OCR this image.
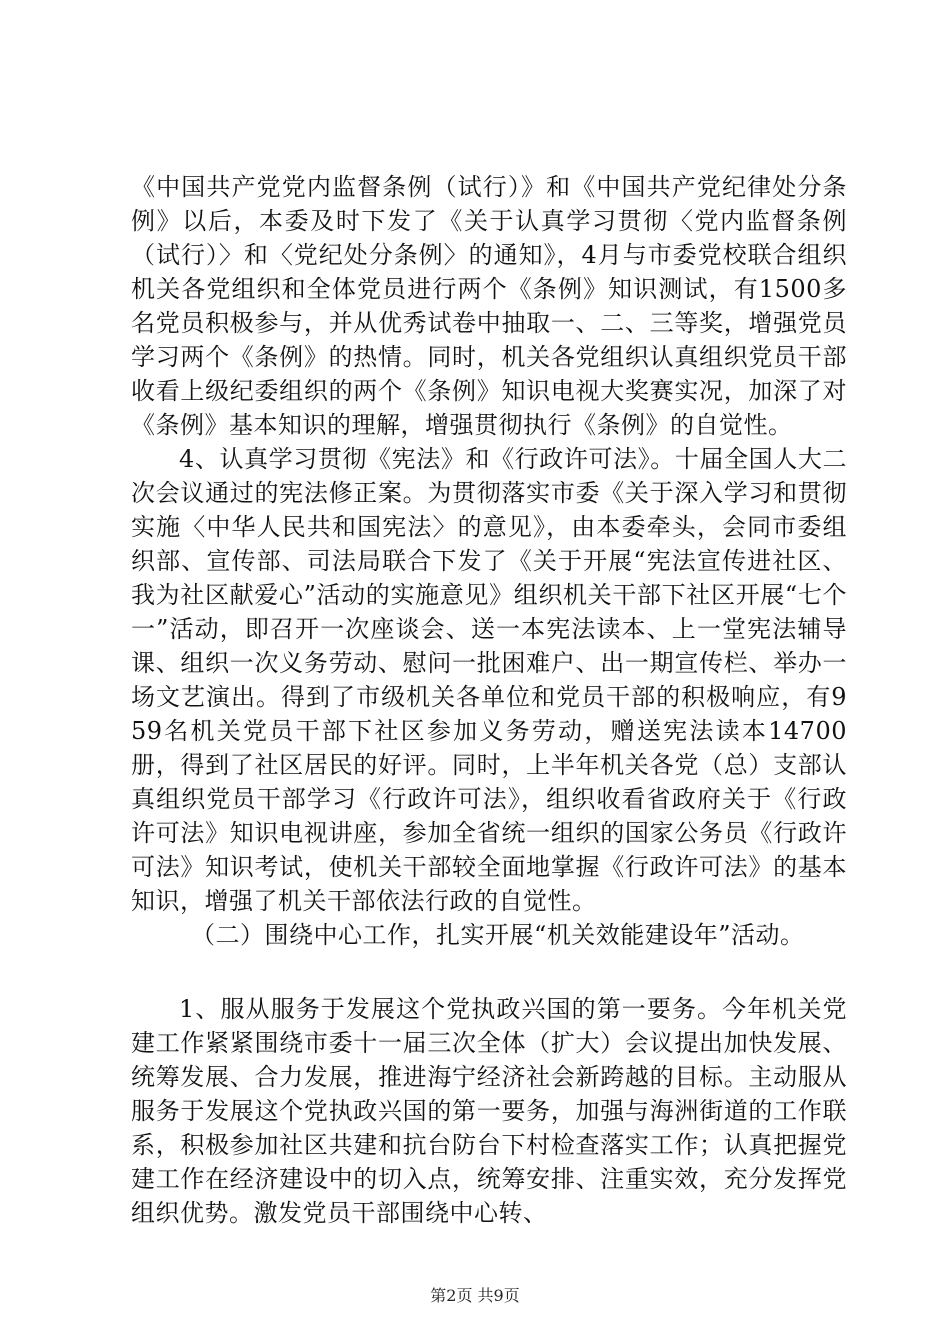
《中国共产党党内监督条例（试行）》和《中国共产党纪律处分条例》以后，本委及时下发了《关于认真学习贯彻〈党内监督条例（试行）〉和〈党纪处分条例〉的通知》，4月与市委党校联合组织机关各党组织和全体党员进行两个《条例》知识测试，有1500多名党员积极参与，并从优秀试卷中抽取一、二、三等奖，增强党员学习两个《条例》的热情。同时，机关各党组织认真组织党员干部收看上级纪委组织的两个《条例》知识电视大奖赛实况，加深了对《条例》基本知识的理解，增强贯彻执行《条例》的自觉性。

4、认真学习贯彻《宪法》和《行政许可法》。十届全国人大二次会议通过的宪法修正案。为贯彻落实市委《关于深入学习和贯彻实施〈中华人民共和国宪法〉的意见》，由本委牵头，会同市委组织部、宣传部、司法局联合下发了《关于开展“宪法宣传进社区、我为社区献爱心”活动的实施意见》组织机关干部下社区开展“七个一”活动，即召开一次座谈会、送一本宪法读本、上一堂宪法辅导课、组织一次义务劳动、慰问一批困难户、出一期宣传栏、举办一场文艺演出。得到了市级机关各单位和党员干部的积极响应，有959名机关党员干部下社区参加义务劳动，赠送宪法读本14700册，得到了社区居民的好评。同时，上半年机关各党（总）支部认真组织党员干部学习《行政许可法》，组织收看省政府关于《行政许可法》知识电视讲座，参加全省统一组织的国家公务员《行政许可法》知识考试，使机关干部较全面地掌握《行政许可法》的基本知识，增强了机关干部依法行政的自觉性。

（二）围绕中心工作，扎实开展“机关效能建设年”活动。

1、服从服务于发展这个党执政兴国的第一要务。今年机关党建工作紧紧围绕市委十一届三次全体（扩大）会议提出加快发展、统筹发展、合力发展，推进海宁经济社会新跨越的目标。主动服从服务于发展这个党执政兴国的第一要务，加强与海洲街道的工作联系，积极参加社区共建和抗台防台下村检查落实工作；认真把握党建工作在经济建设中的切入点，统筹安排、注重实效，充分发挥党组织优势。激发党员干部围绕中心转、

第2页 共9页
